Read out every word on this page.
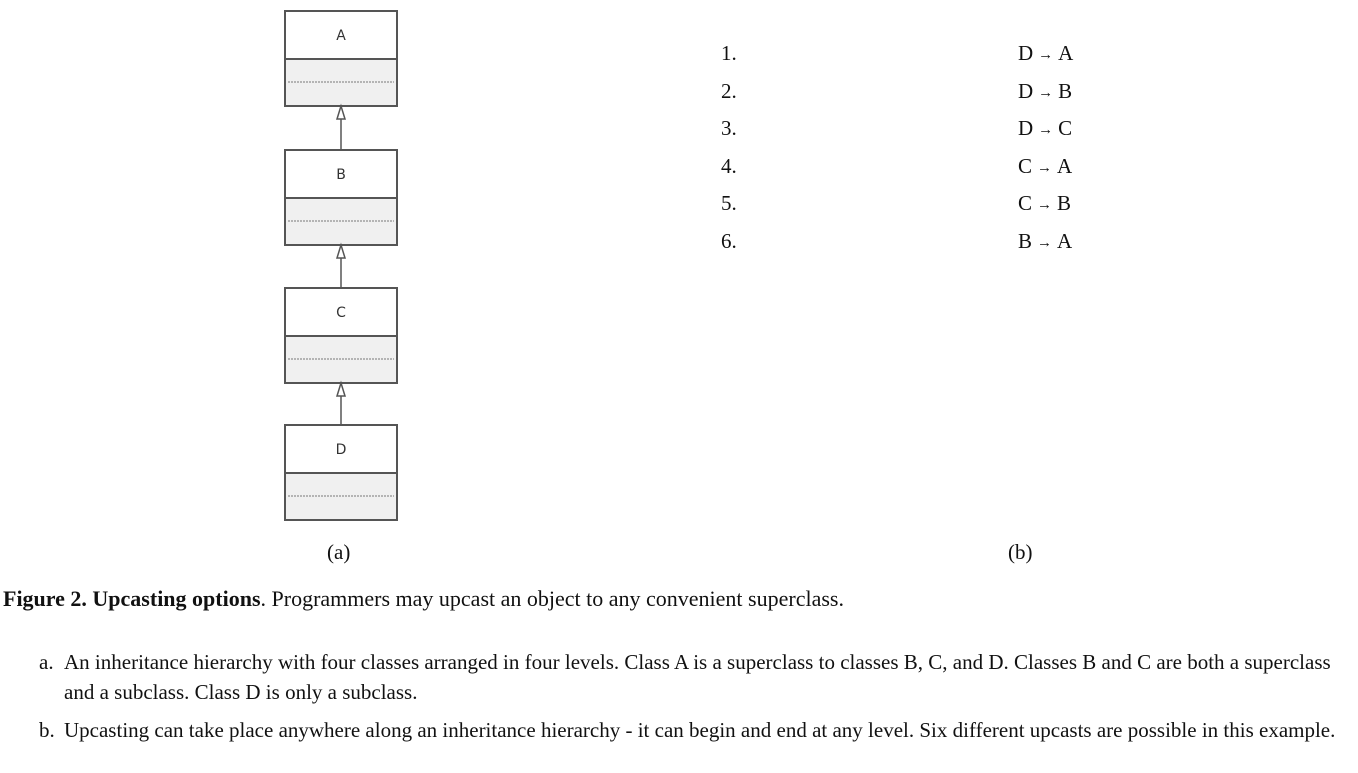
A
B
C
D
1.	D → A
2.	D → B
3.	D → C
4.	C → A
5.	C → B
6.	B → A
(a)	(b)
Figure 2. Upcasting options. Programmers may upcast an object to any convenient superclass.
a. An inheritance hierarchy with four classes arranged in four levels. Class A is a superclass to classes B, C, and D. Classes B and C are both a superclass and a subclass. Class D is only a subclass.
b. Upcasting can take place anywhere along an inheritance hierarchy - it can begin and end at any level. Six different upcasts are possible in this example.
